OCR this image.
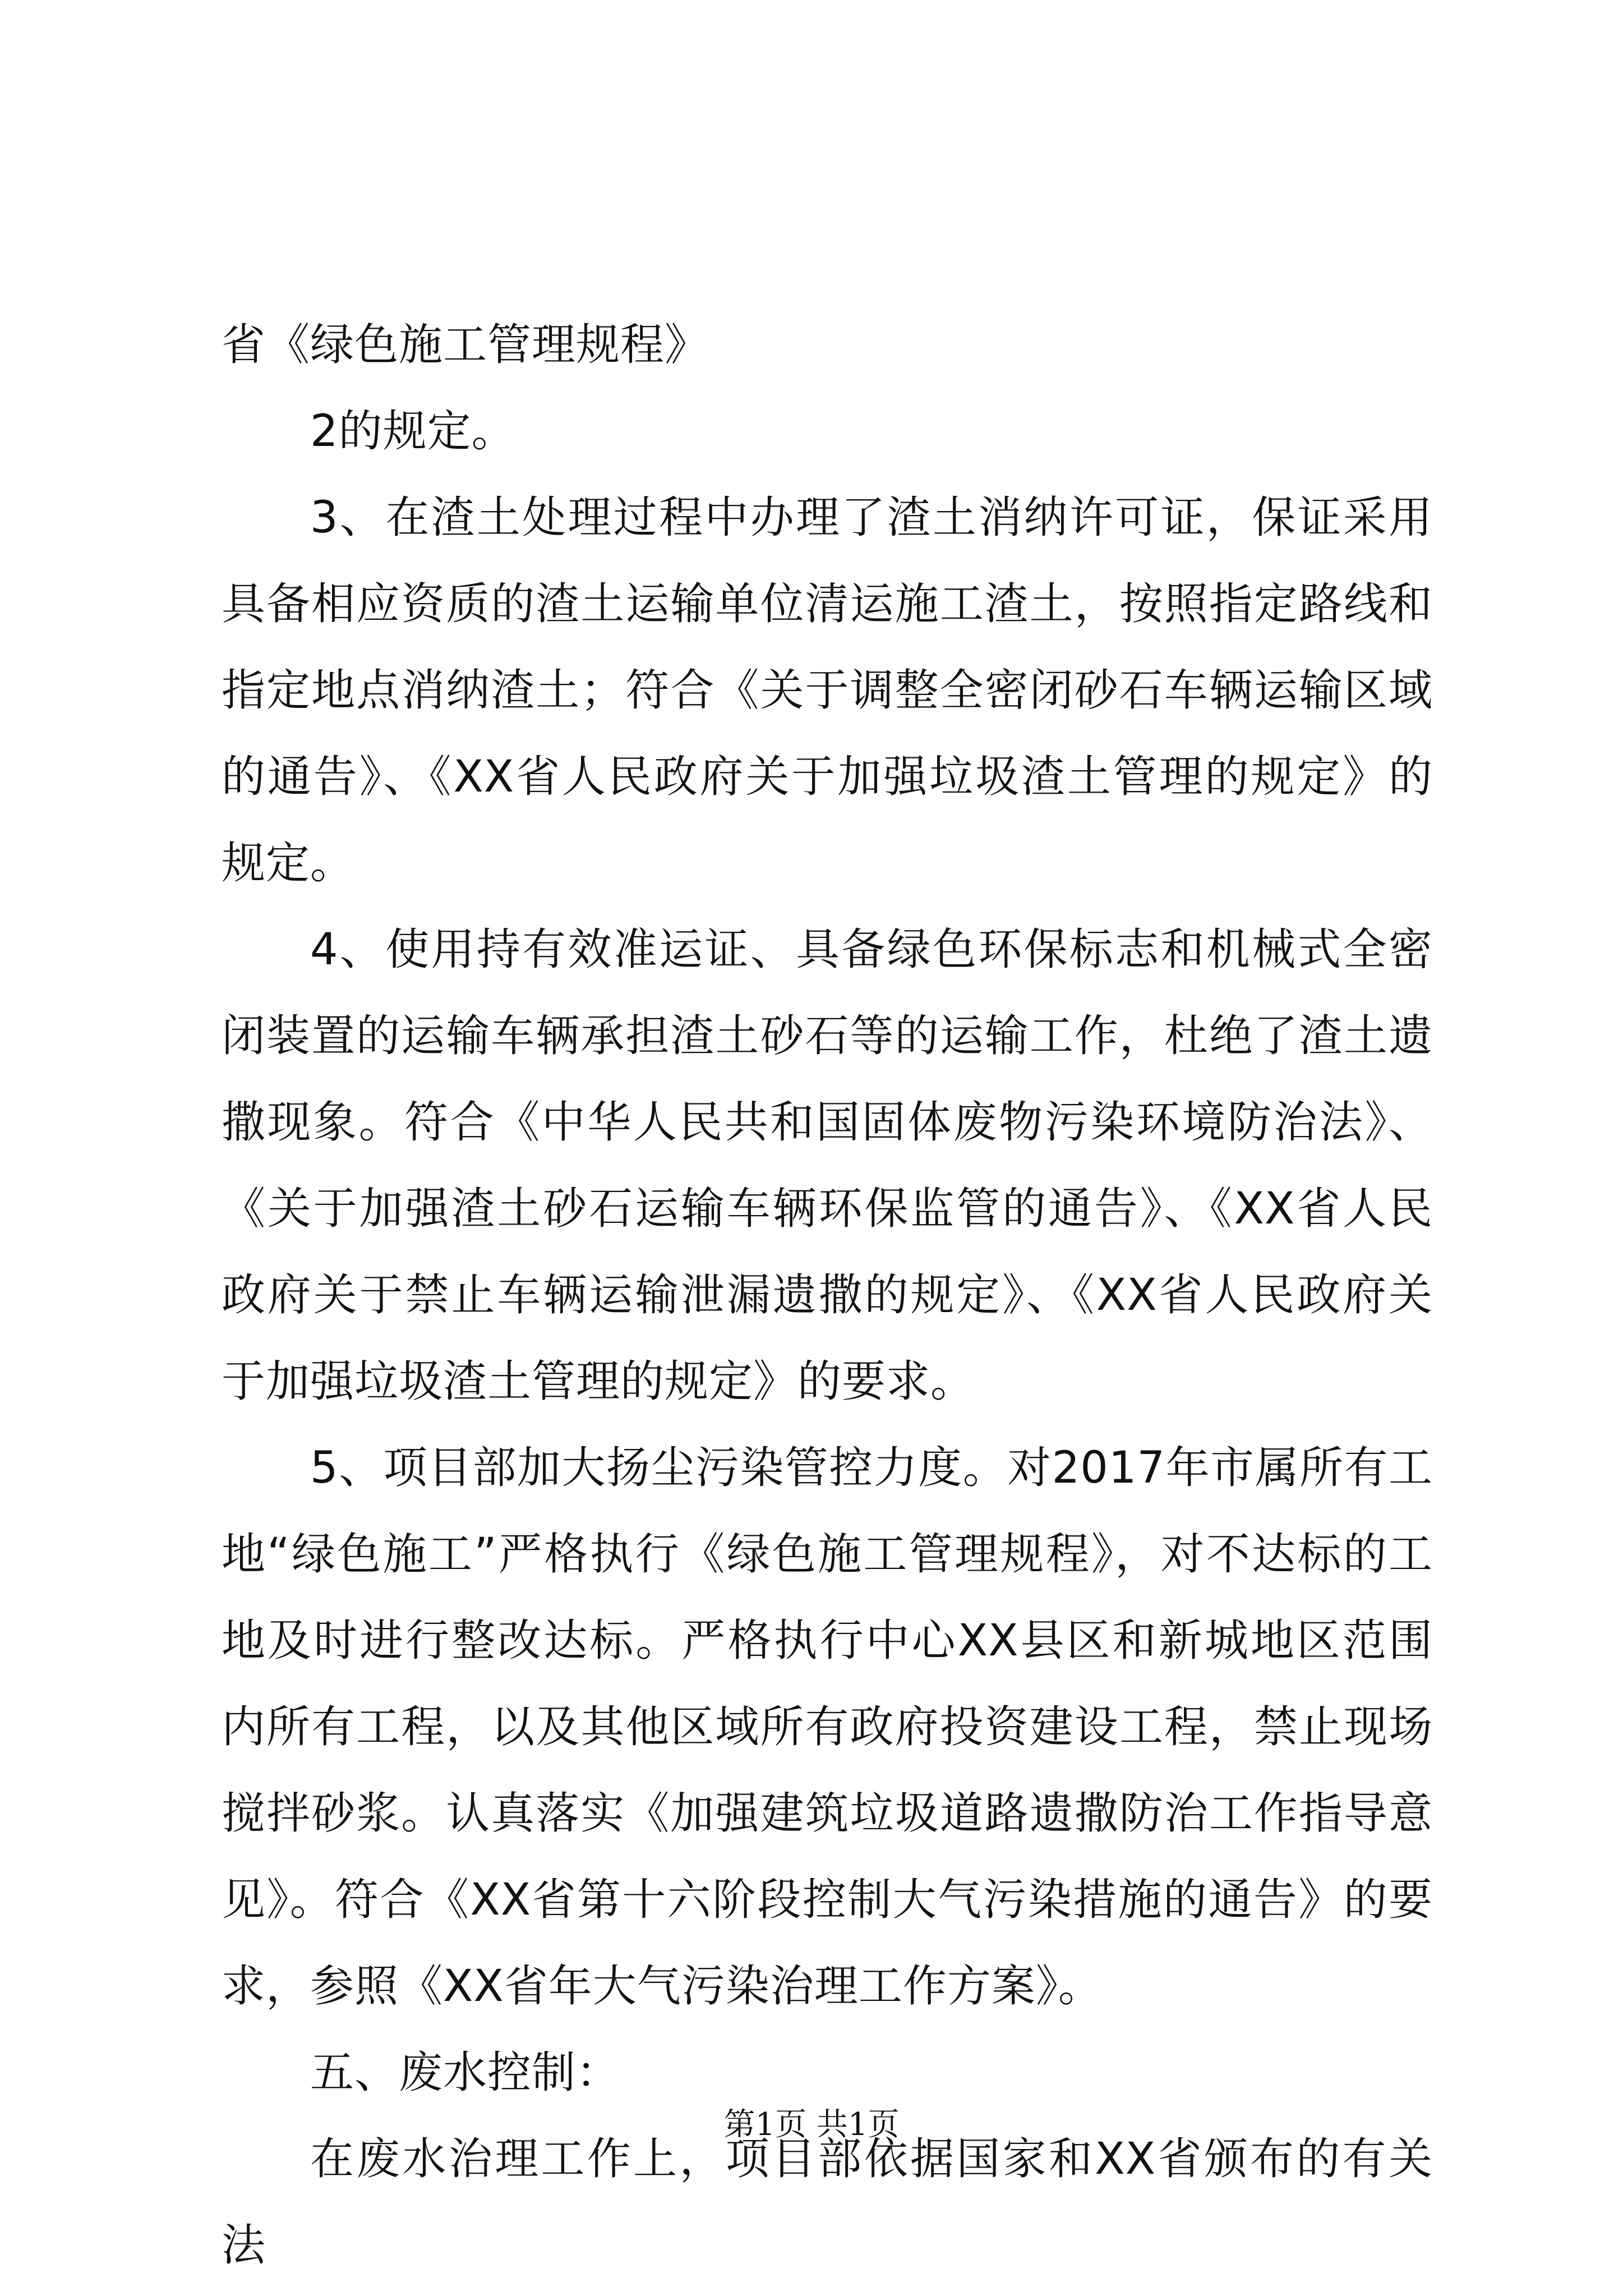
省《绿色施工管理规程》

2的规定。

3、在渣土处理过程中办理了渣土消纳许可证，保证采用具备相应资质的渣土运输单位清运施工渣土，按照指定路线和指定地点消纳渣土；符合《关于调整全密闭砂石车辆运输区域的通告》、《XX省人民政府关于加强垃圾渣土管理的规定》的规定。

4、使用持有效准运证、具备绿色环保标志和机械式全密闭装置的运输车辆承担渣土砂石等的运输工作，杜绝了渣土遗撒现象。符合《中华人民共和国固体废物污染环境防治法》、《关于加强渣土砂石运输车辆环保监管的通告》、《XX省人民政府关于禁止车辆运输泄漏遗撒的规定》、《XX省人民政府关于加强垃圾渣土管理的规定》的要求。

5、项目部加大扬尘污染管控力度。对2017年市属所有工地“绿色施工”严格执行《绿色施工管理规程》，对不达标的工地及时进行整改达标。严格执行中心XX县区和新城地区范围内所有工程，以及其他区域所有政府投资建设工程，禁止现场搅拌砂浆。认真落实《加强建筑垃圾道路遗撒防治工作指导意见》。符合《XX省第十六阶段控制大气污染措施的通告》的要求，参照《XX省年大气污染治理工作方案》。

五、废水控制：

在废水治理工作上，项目部依据国家和XX省颁布的有关法

第1页 共1页
